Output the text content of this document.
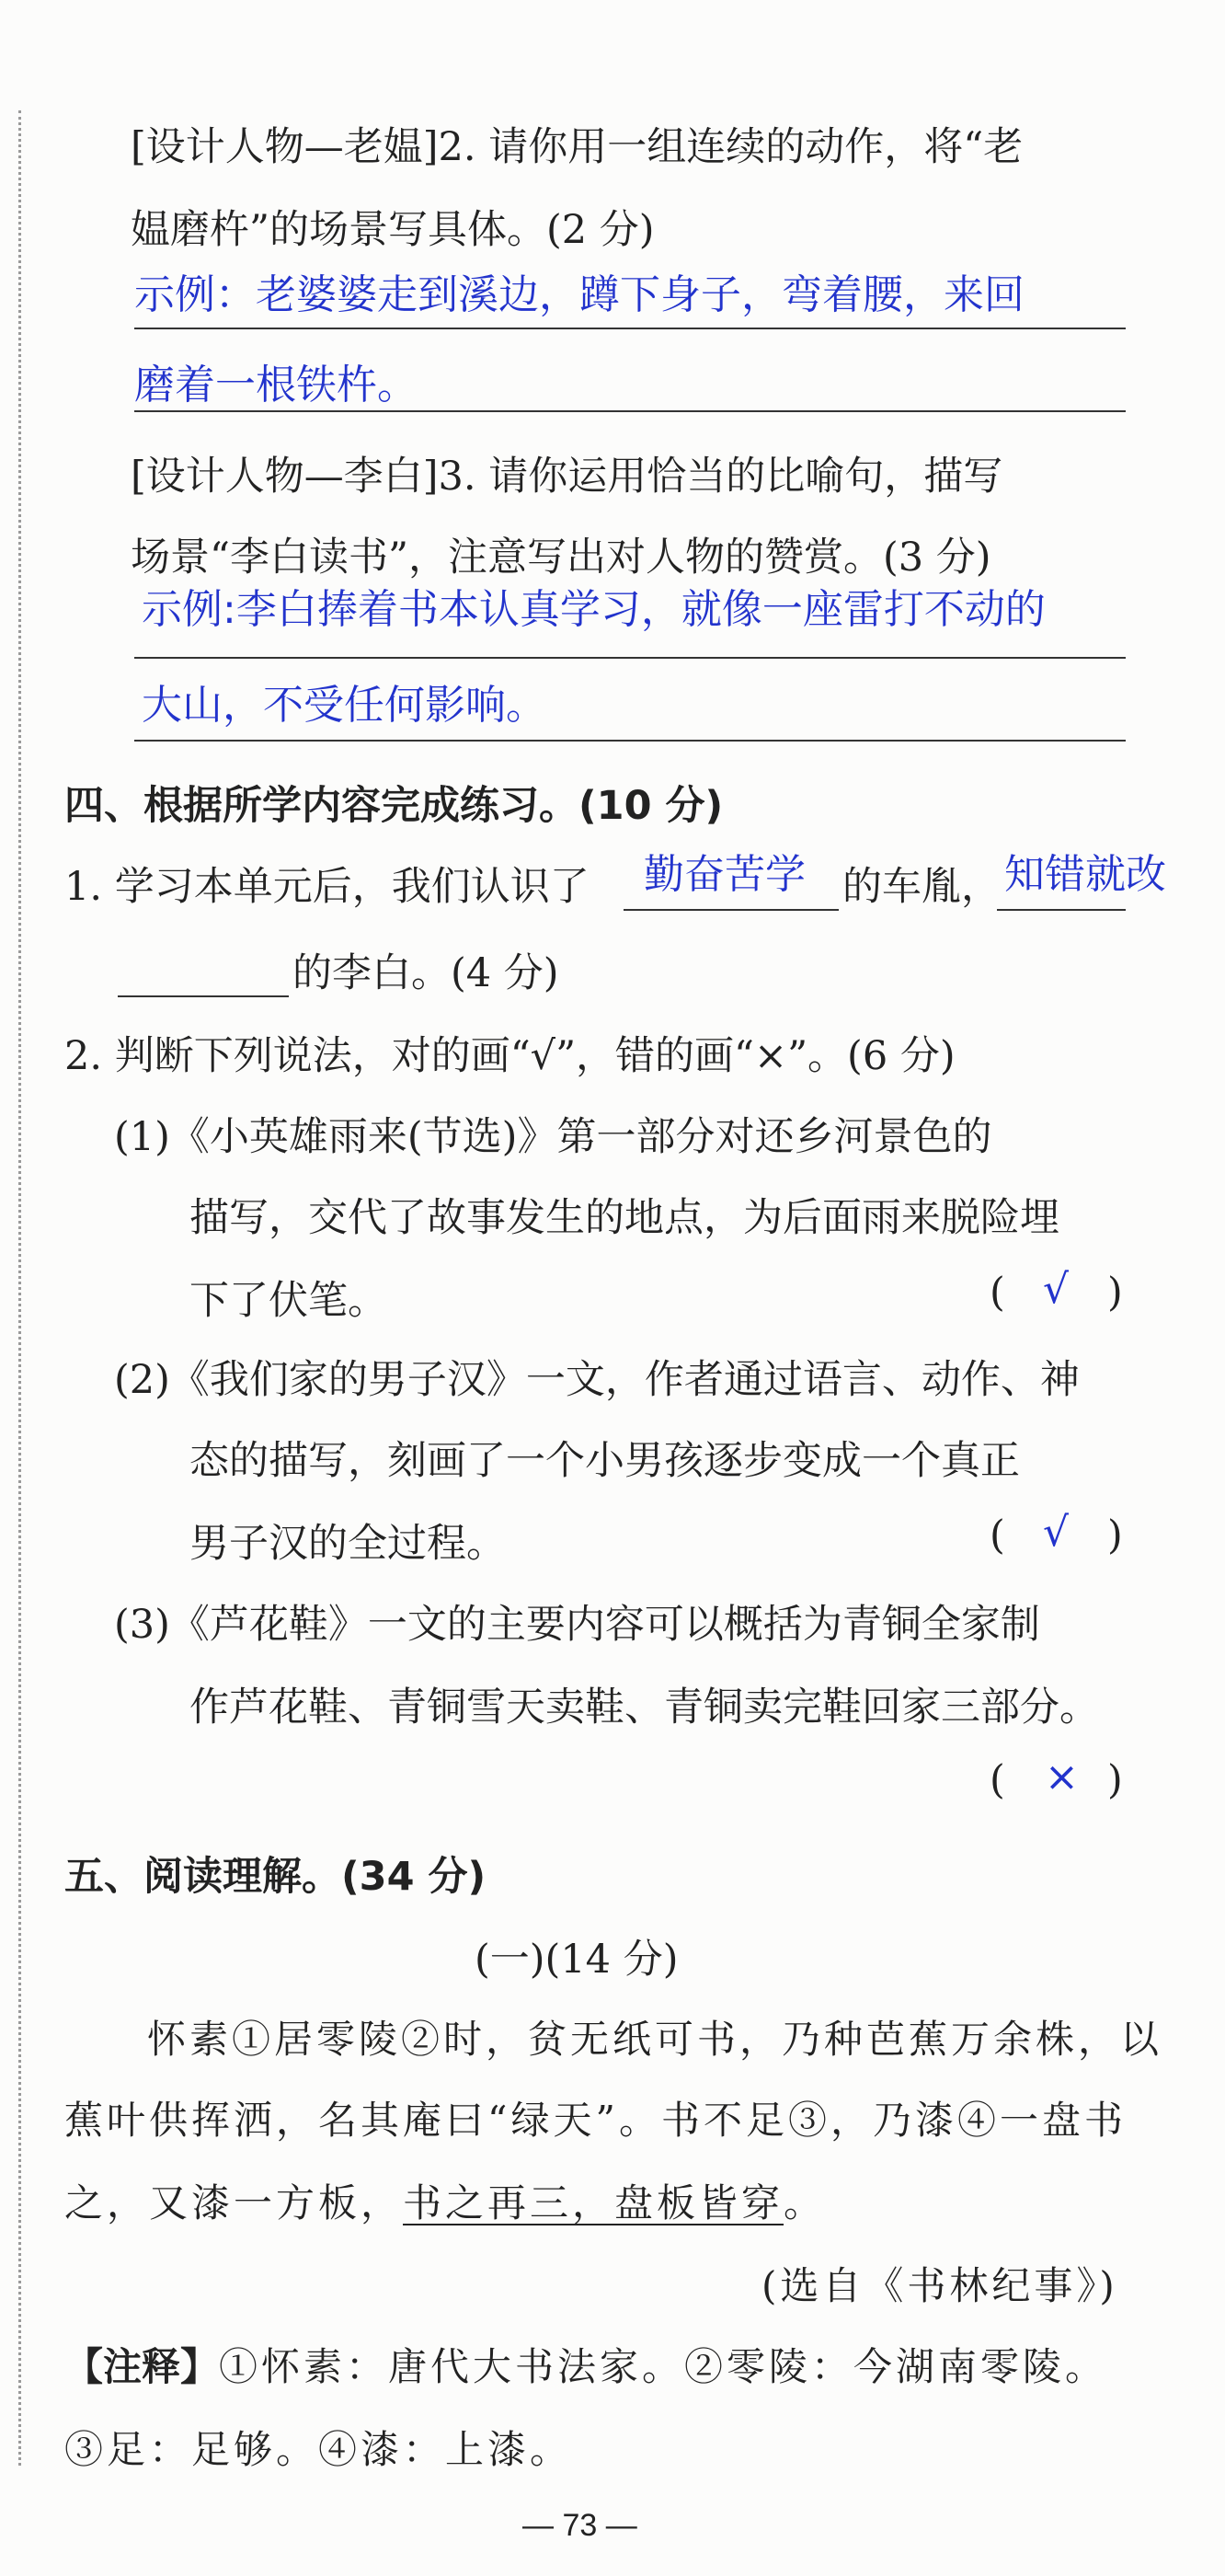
[设计人物—老媪]2. 请你用一组连续的动作，将“老
媪磨杵”的场景写具体。(2 分)
示例：老婆婆走到溪边，蹲下身子，弯着腰，来回
磨着一根铁杵。
[设计人物—李白]3. 请你运用恰当的比喻句，描写
场景“李白读书”，注意写出对人物的赞赏。(3 分)
示例:李白捧着书本认真学习，就像一座雷打不动的
大山，不受任何影响。
四、根据所学内容完成练习。(10 分)
1. 学习本单元后，我们认识了 勤奋苦学 的车胤， 知错就改
的李白。(4 分)
2. 判断下列说法，对的画“√”，错的画“×”。(6 分)
(1)《小英雄雨来(节选)》第一部分对还乡河景色的
描写，交代了故事发生的地点，为后面雨来脱险埋
下了伏笔。	( √ )
(2)《我们家的男子汉》一文，作者通过语言、动作、神
态的描写，刻画了一个小男孩逐步变成一个真正
男子汉的全过程。	( √ )
(3)《芦花鞋》一文的主要内容可以概括为青铜全家制
作芦花鞋、青铜雪天卖鞋、青铜卖完鞋回家三部分。
( × )
五、阅读理解。(34 分)
(一)(14 分)
怀素①居零陵②时，贫无纸可书，乃种芭蕉万余株，以
蕉叶供挥洒，名其庵曰“绿天”。书不足③，乃漆④一盘书
之，又漆一方板，书之再三，盘板皆穿。
(选自《书林纪事》)
【注释】①怀素：唐代大书法家。②零陵：今湖南零陵。
③足：足够。④漆：上漆。
— 73 —
